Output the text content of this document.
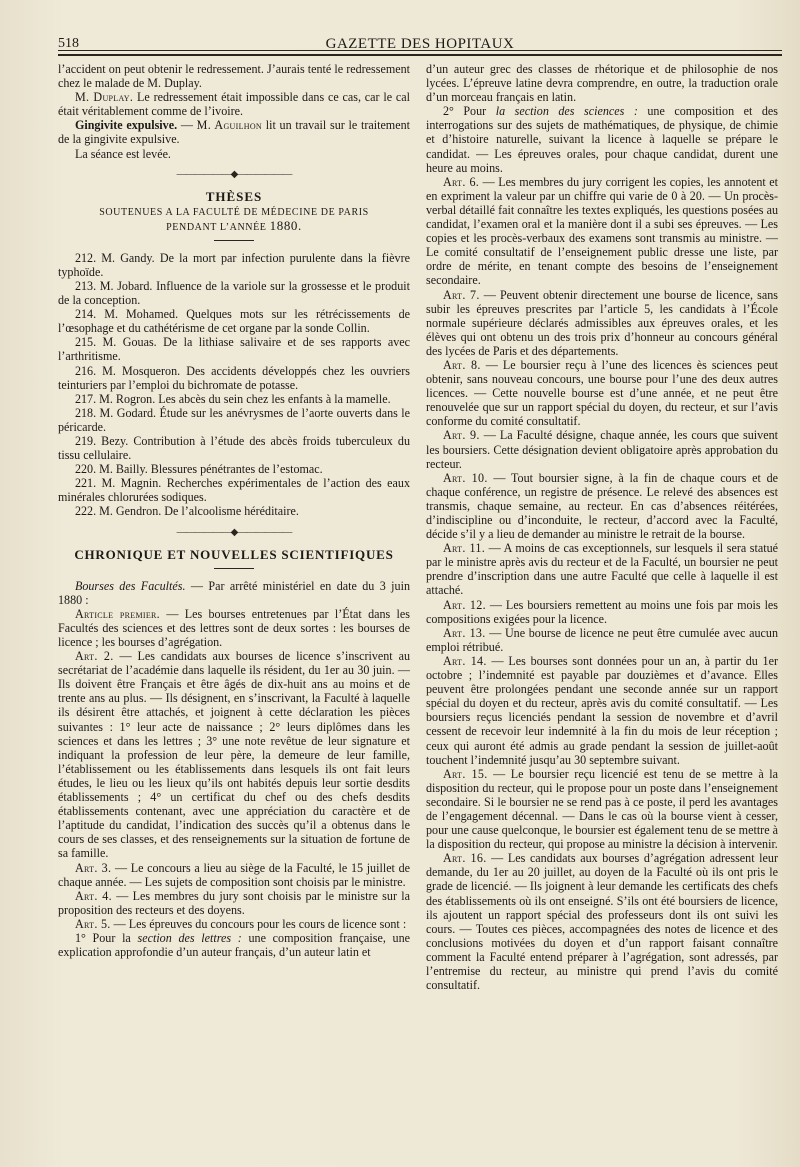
518	GAZETTE DES HOPITAUX

l’accident on peut obtenir le redressement. J’aurais tenté le redressement chez le malade de M. Duplay.

M. Duplay. Le redressement était impossible dans ce cas, car le cal était véritablement comme de l’ivoire.

Gingivite expulsive. — M. Aguilhon lit un travail sur le traitement de la gingivite expulsive.

La séance est levée.

——————◆——————
THÈSES
SOUTENUES A LA FACULTÉ DE MÉDECINE DE PARIS
PENDANT L’ANNÉE 1880.

212. M. Gandy. De la mort par infection purulente dans la fièvre typhoïde.

213. M. Jobard. Influence de la variole sur la grossesse et le produit de la conception.

214. M. Mohamed. Quelques mots sur les rétrécissements de l’œsophage et du cathétérisme de cet organe par la sonde Collin.

215. M. Gouas. De la lithiase salivaire et de ses rapports avec l’arthritisme.

216. M. Mosqueron. Des accidents développés chez les ouvriers teinturiers par l’emploi du bichromate de potasse.

217. M. Rogron. Les abcès du sein chez les enfants à la mamelle.

218. M. Godard. Étude sur les anévrysmes de l’aorte ouverts dans le péricarde.

219. Bezy. Contribution à l’étude des abcès froids tuberculeux du tissu cellulaire.

220. M. Bailly. Blessures pénétrantes de l’estomac.

221. M. Magnin. Recherches expérimentales de l’action des eaux minérales chlorurées sodiques.

222. M. Gendron. De l’alcoolisme héréditaire.

——————◆——————
CHRONIQUE ET NOUVELLES SCIENTIFIQUES

Bourses des Facultés. — Par arrêté ministériel en date du 3 juin 1880 :

Article premier. — Les bourses entretenues par l’État dans les Facultés des sciences et des lettres sont de deux sortes : les bourses de licence ; les bourses d’agrégation.

Art. 2. — Les candidats aux bourses de licence s’inscrivent au secrétariat de l’académie dans laquelle ils résident, du 1er au 30 juin. — Ils doivent être Français et être âgés de dix-huit ans au moins et de trente ans au plus. — Ils désignent, en s’inscrivant, la Faculté à laquelle ils désirent être attachés, et joignent à cette déclaration les pièces suivantes : 1° leur acte de naissance ; 2° leurs diplômes dans les sciences et dans les lettres ; 3° une note revêtue de leur signature et indiquant la profession de leur père, la demeure de leur famille, l’établissement ou les établissements dans lesquels ils ont fait leurs études, le lieu ou les lieux qu’ils ont habités depuis leur sortie desdits établissements ; 4° un certificat du chef ou des chefs desdits établissements contenant, avec une appréciation du caractère et de l’aptitude du candidat, l’indication des succès qu’il a obtenus dans le cours de ses classes, et des renseignements sur la situation de fortune de sa famille.

Art. 3. — Le concours a lieu au siège de la Faculté, le 15 juillet de chaque année. — Les sujets de composition sont choisis par le ministre.

Art. 4. — Les membres du jury sont choisis par le ministre sur la proposition des recteurs et des doyens.

Art. 5. — Les épreuves du concours pour les cours de licence sont :

1° Pour la section des lettres : une composition française, une explication approfondie d’un auteur français, d’un auteur latin et

d’un auteur grec des classes de rhétorique et de philosophie de nos lycées. L’épreuve latine devra comprendre, en outre, la traduction orale d’un morceau français en latin.

2° Pour la section des sciences : une composition et des interrogations sur des sujets de mathématiques, de physique, de chimie et d’histoire naturelle, suivant la licence à laquelle se prépare le candidat. — Les épreuves orales, pour chaque candidat, durent une heure au moins.

Art. 6. — Les membres du jury corrigent les copies, les annotent et en expriment la valeur par un chiffre qui varie de 0 à 20. — Un procès-verbal détaillé fait connaître les textes expliqués, les questions posées au candidat, l’examen oral et la manière dont il a subi ses épreuves. — Les copies et les procès-verbaux des examens sont transmis au ministre. — Le comité consultatif de l’enseignement public dresse une liste, par ordre de mérite, en tenant compte des besoins de l’enseignement secondaire.

Art. 7. — Peuvent obtenir directement une bourse de licence, sans subir les épreuves prescrites par l’article 5, les candidats à l’École normale supérieure déclarés admissibles aux épreuves orales, et les élèves qui ont obtenu un des trois prix d’honneur au concours général des lycées de Paris et des départements.

Art. 8. — Le boursier reçu à l’une des licences ès sciences peut obtenir, sans nouveau concours, une bourse pour l’une des deux autres licences. — Cette nouvelle bourse est d’une année, et ne peut être renouvelée que sur un rapport spécial du doyen, du recteur, et sur l’avis conforme du comité consultatif.

Art. 9. — La Faculté désigne, chaque année, les cours que suivent les boursiers. Cette désignation devient obligatoire après approbation du recteur.

Art. 10. — Tout boursier signe, à la fin de chaque cours et de chaque conférence, un registre de présence. Le relevé des absences est transmis, chaque semaine, au recteur. En cas d’absences réitérées, d’indiscipline ou d’inconduite, le recteur, d’accord avec la Faculté, décide s’il y a lieu de demander au ministre le retrait de la bourse.

Art. 11. — A moins de cas exceptionnels, sur lesquels il sera statué par le ministre après avis du recteur et de la Faculté, un boursier ne peut prendre d’inscription dans une autre Faculté que celle à laquelle il est attaché.

Art. 12. — Les boursiers remettent au moins une fois par mois les compositions exigées pour la licence.

Art. 13. — Une bourse de licence ne peut être cumulée avec aucun emploi rétribué.

Art. 14. — Les bourses sont données pour un an, à partir du 1er octobre ; l’indemnité est payable par douzièmes et d’avance. Elles peuvent être prolongées pendant une seconde année sur un rapport spécial du doyen et du recteur, après avis du comité consultatif. — Les boursiers reçus licenciés pendant la session de novembre et d’avril cessent de recevoir leur indemnité à la fin du mois de leur réception ; ceux qui auront été admis au grade pendant la session de juillet-août touchent l’indemnité jusqu’au 30 septembre suivant.

Art. 15. — Le boursier reçu licencié est tenu de se mettre à la disposition du recteur, qui le propose pour un poste dans l’enseignement secondaire. Si le boursier ne se rend pas à ce poste, il perd les avantages de l’engagement décennal. — Dans le cas où la bourse vient à cesser, pour une cause quelconque, le boursier est également tenu de se mettre à la disposition du recteur, qui propose au ministre la décision à intervenir.

Art. 16. — Les candidats aux bourses d’agrégation adressent leur demande, du 1er au 20 juillet, au doyen de la Faculté où ils ont pris le grade de licencié. — Ils joignent à leur demande les certificats des chefs des établissements où ils ont enseigné. S’ils ont été boursiers de licence, ils ajoutent un rapport spécial des professeurs dont ils ont suivi les cours. — Toutes ces pièces, accompagnées des notes de licence et des conclusions motivées du doyen et d’un rapport faisant connaître comment la Faculté entend préparer à l’agrégation, sont adressés, par l’entremise du recteur, au ministre qui prend l’avis du comité consultatif.
